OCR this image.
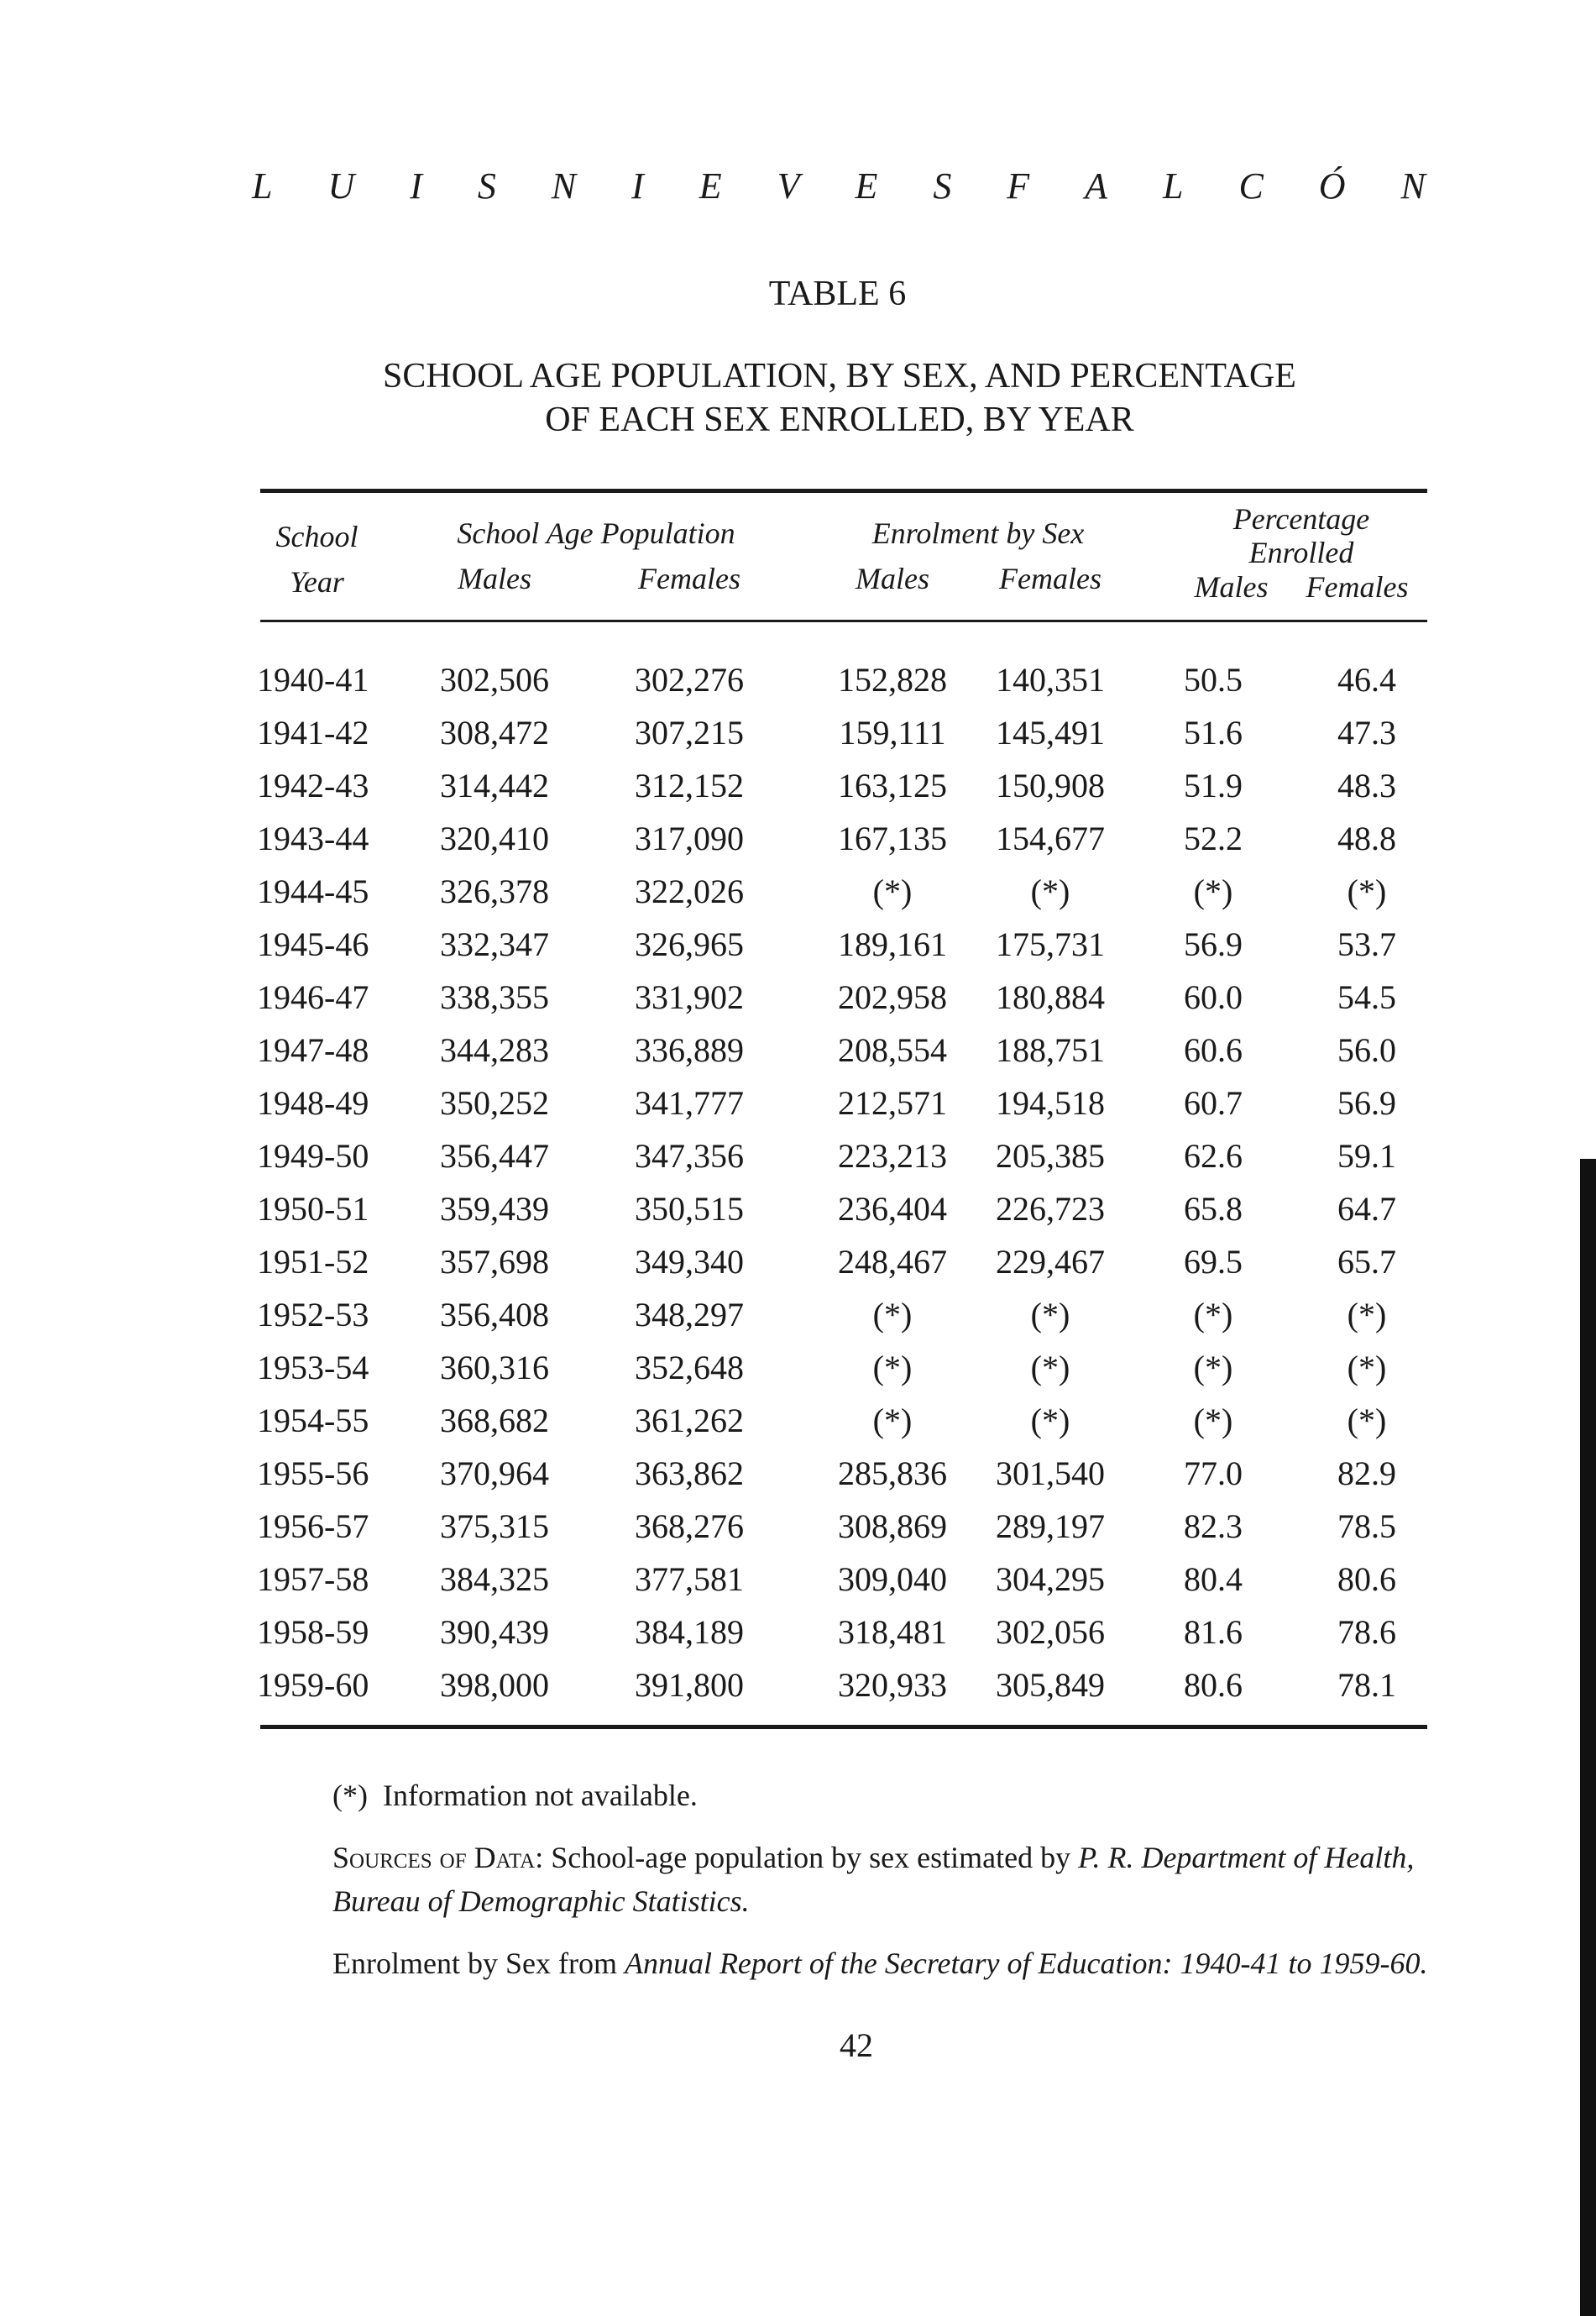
L U I S N I E V E S F A L C Ó N
TABLE 6
SCHOOL AGE POPULATION, BY SEX, AND PERCENTAGE
OF EACH SEX ENROLLED, BY YEAR
School
Year
School Age Population
Males	Females
Enrolment by Sex
Males	Females
Percentage
Enrolled
Males Females
1940-41	302,506	302,276	152,828 140,351	50.5	46.4
1941-42	308,472	307,215	159,111 145,491	51.6	47.3
1942-43	314,442	312,152	163,125 150,908	51.9	48.3
1943-44	320,410	317,090	167,135 154,677	52.2	48.8
1944-45	326,378	322,026	(*)	(*)	(*)	(*)
1945-46	332,347	326,965	189,161 175,731	56.9	53.7
1946-47	338,355	331,902	202,958 180,884	60.0	54.5
1947-48	344,283	336,889	208,554 188,751	60.6	56.0
1948-49	350,252	341,777	212,571 194,518	60.7	56.9
1949-50	356,447	347,356	223,213 205,385	62.6	59.1
1950-51	359,439	350,515	236,404 226,723	65.8	64.7
1951-52	357,698	349,340	248,467 229,467	69.5	65.7
1952-53	356,408	348,297	(*)	(*)	(*)	(*)
1953-54	360,316	352,648	(*)	(*)	(*)	(*)
1954-55	368,682	361,262	(*)	(*)	(*)	(*)
1955-56	370,964	363,862	285,836 301,540	77.0	82.9
1956-57	375,315	368,276	308,869 289,197	82.3	78.5
1957-58	384,325	377,581	309,040 304,295	80.4	80.6
1958-59	390,439	384,189	318,481 302,056	81.6	78.6
1959-60	398,000	391,800	320,933 305,849	80.6	78.1

(*) Information not available.

Sources of Data: School-age population by sex estimated by P. R. Department of Health, Bureau of Demographic Statistics.

Enrolment by Sex from Annual Report of the Secretary of Education: 1940-41 to 1959-60.

42
